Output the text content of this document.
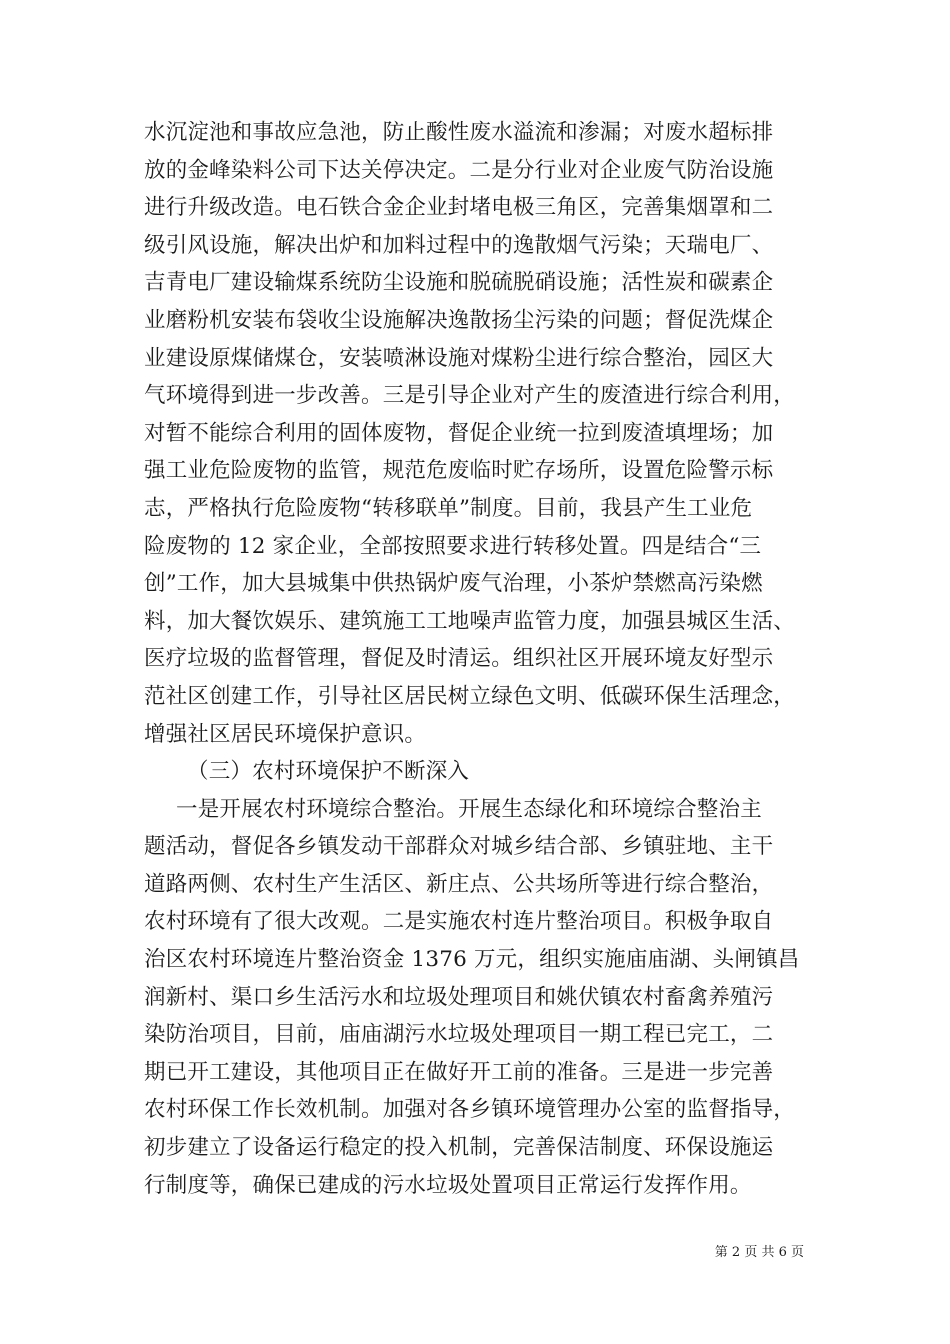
水沉淀池和事故应急池，防止酸性废水溢流和渗漏；对废水超标排
放的金峰染料公司下达关停决定。二是分行业对企业废气防治设施
进行升级改造。电石铁合金企业封堵电极三角区，完善集烟罩和二
级引风设施，解决出炉和加料过程中的逸散烟气污染；天瑞电厂、
吉青电厂建设输煤系统防尘设施和脱硫脱硝设施；活性炭和碳素企
业磨粉机安装布袋收尘设施解决逸散扬尘污染的问题；督促洗煤企
业建设原煤储煤仓，安装喷淋设施对煤粉尘进行综合整治，园区大
气环境得到进一步改善。三是引导企业对产生的废渣进行综合利用，
对暂不能综合利用的固体废物，督促企业统一拉到废渣填埋场；加
强工业危险废物的监管，规范危废临时贮存场所，设置危险警示标
志，严格执行危险废物“转移联单”制度。目前，我县产生工业危
险废物的 12 家企业，全部按照要求进行转移处置。四是结合“三
创”工作，加大县城集中供热锅炉废气治理，小茶炉禁燃高污染燃
料，加大餐饮娱乐、建筑施工工地噪声监管力度，加强县城区生活、
医疗垃圾的监督管理，督促及时清运。组织社区开展环境友好型示
范社区创建工作，引导社区居民树立绿色文明、低碳环保生活理念，
增强社区居民环境保护意识。
（三）农村环境保护不断深入
一是开展农村环境综合整治。开展生态绿化和环境综合整治主
题活动，督促各乡镇发动干部群众对城乡结合部、乡镇驻地、主干
道路两侧、农村生产生活区、新庄点、公共场所等进行综合整治，
农村环境有了很大改观。二是实施农村连片整治项目。积极争取自
治区农村环境连片整治资金 1376 万元，组织实施庙庙湖、头闸镇昌
润新村、渠口乡生活污水和垃圾处理项目和姚伏镇农村畜禽养殖污
染防治项目，目前，庙庙湖污水垃圾处理项目一期工程已完工，二
期已开工建设，其他项目正在做好开工前的准备。三是进一步完善
农村环保工作长效机制。加强对各乡镇环境管理办公室的监督指导，
初步建立了设备运行稳定的投入机制，完善保洁制度、环保设施运
行制度等，确保已建成的污水垃圾处置项目正常运行发挥作用。
第 2 页 共 6 页
